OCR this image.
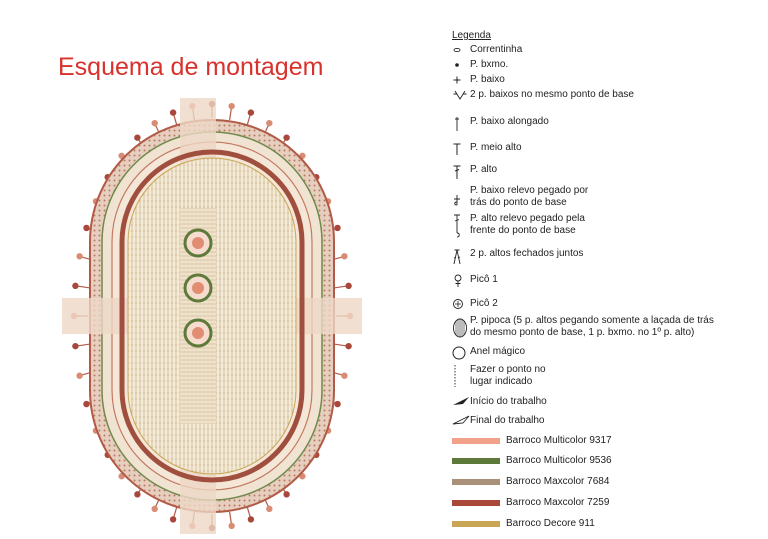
Esquema de montagem
Legenda
Correntinha
P. bxmo.
P. baixo
2 p. baixos no mesmo ponto de base
P. baixo alongado
P. meio alto
P. alto
P. baixo relevo pegado por
trás do ponto de base
P. alto relevo pegado pela
frente do ponto de base
2 p. altos fechados juntos
Picô 1
Picô 2
P. pipoca (5 p. altos pegando somente a laçada de trás
do mesmo ponto de base, 1 p. bxmo. no 1º p. alto)
Anel mágico
Fazer o ponto no
lugar indicado
Início do trabalho
Final do trabalho
Barroco Multicolor 9317
Barroco Multicolor 9536
Barroco Maxcolor 7684
Barroco Maxcolor 7259
Barroco Decore 911
